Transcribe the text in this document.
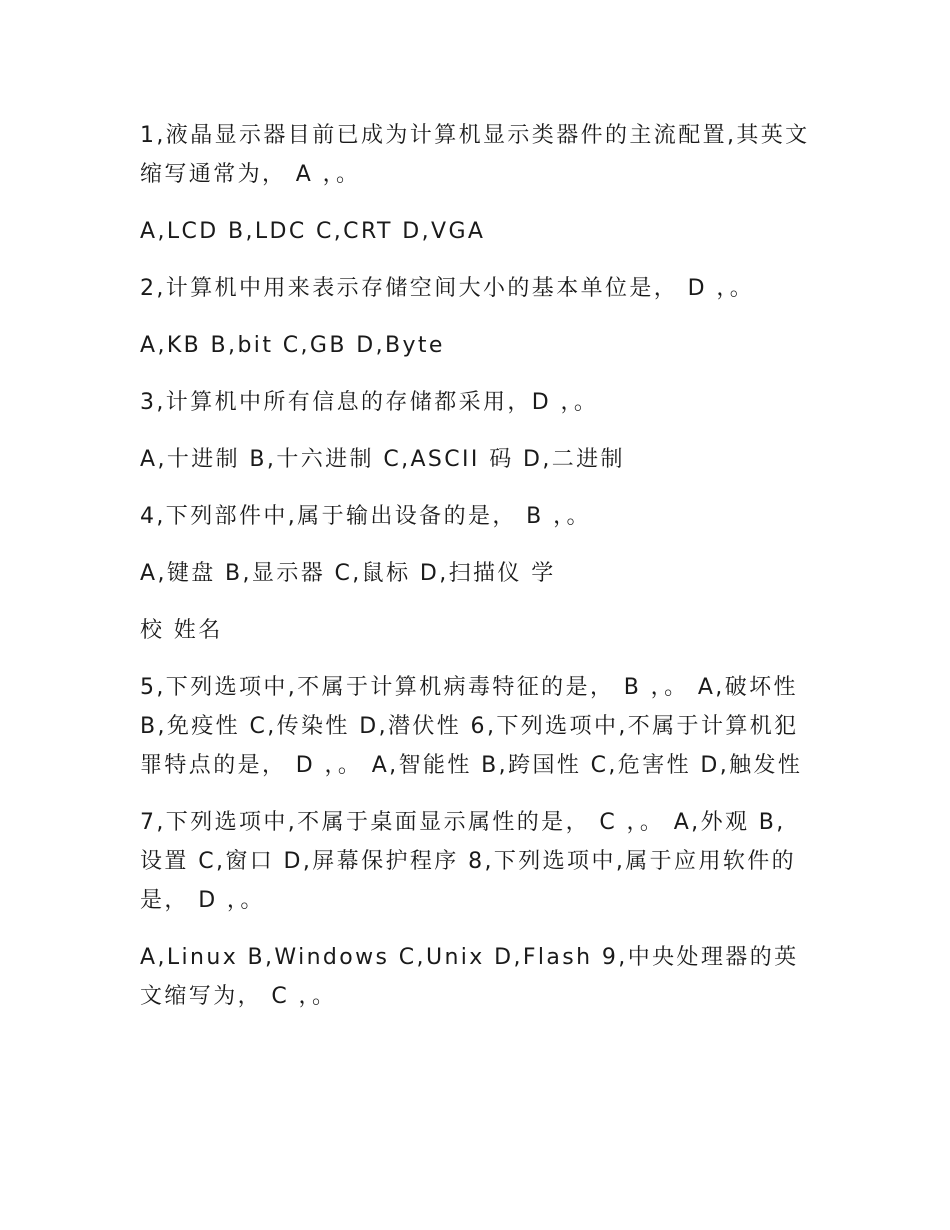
1,液晶显示器目前已成为计算机显示类器件的主流配置,其英文缩写通常为， A ，。

A,LCD B,LDC C,CRT D,VGA

2,计算机中用来表示存储空间大小的基本单位是， D ，。

A,KB B,bit C,GB D,Byte

3,计算机中所有信息的存储都采用，D ，。

A,十进制 B,十六进制 C,ASCII 码 D,二进制

4,下列部件中,属于输出设备的是， B ，。

A,键盘 B,显示器 C,鼠标 D,扫描仪 学

校 姓名

5,下列选项中,不属于计算机病毒特征的是， B ，。 A,破坏性 B,免疫性 C,传染性 D,潜伏性 6,下列选项中,不属于计算机犯罪特点的是， D ，。 A,智能性 B,跨国性 C,危害性 D,触发性

7,下列选项中,不属于桌面显示属性的是， C ，。 A,外观 B,设置 C,窗口 D,屏幕保护程序 8,下列选项中,属于应用软件的是， D ，。

A,Linux B,Windows C,Unix D,Flash 9,中央处理器的英文缩写为， C ，。
